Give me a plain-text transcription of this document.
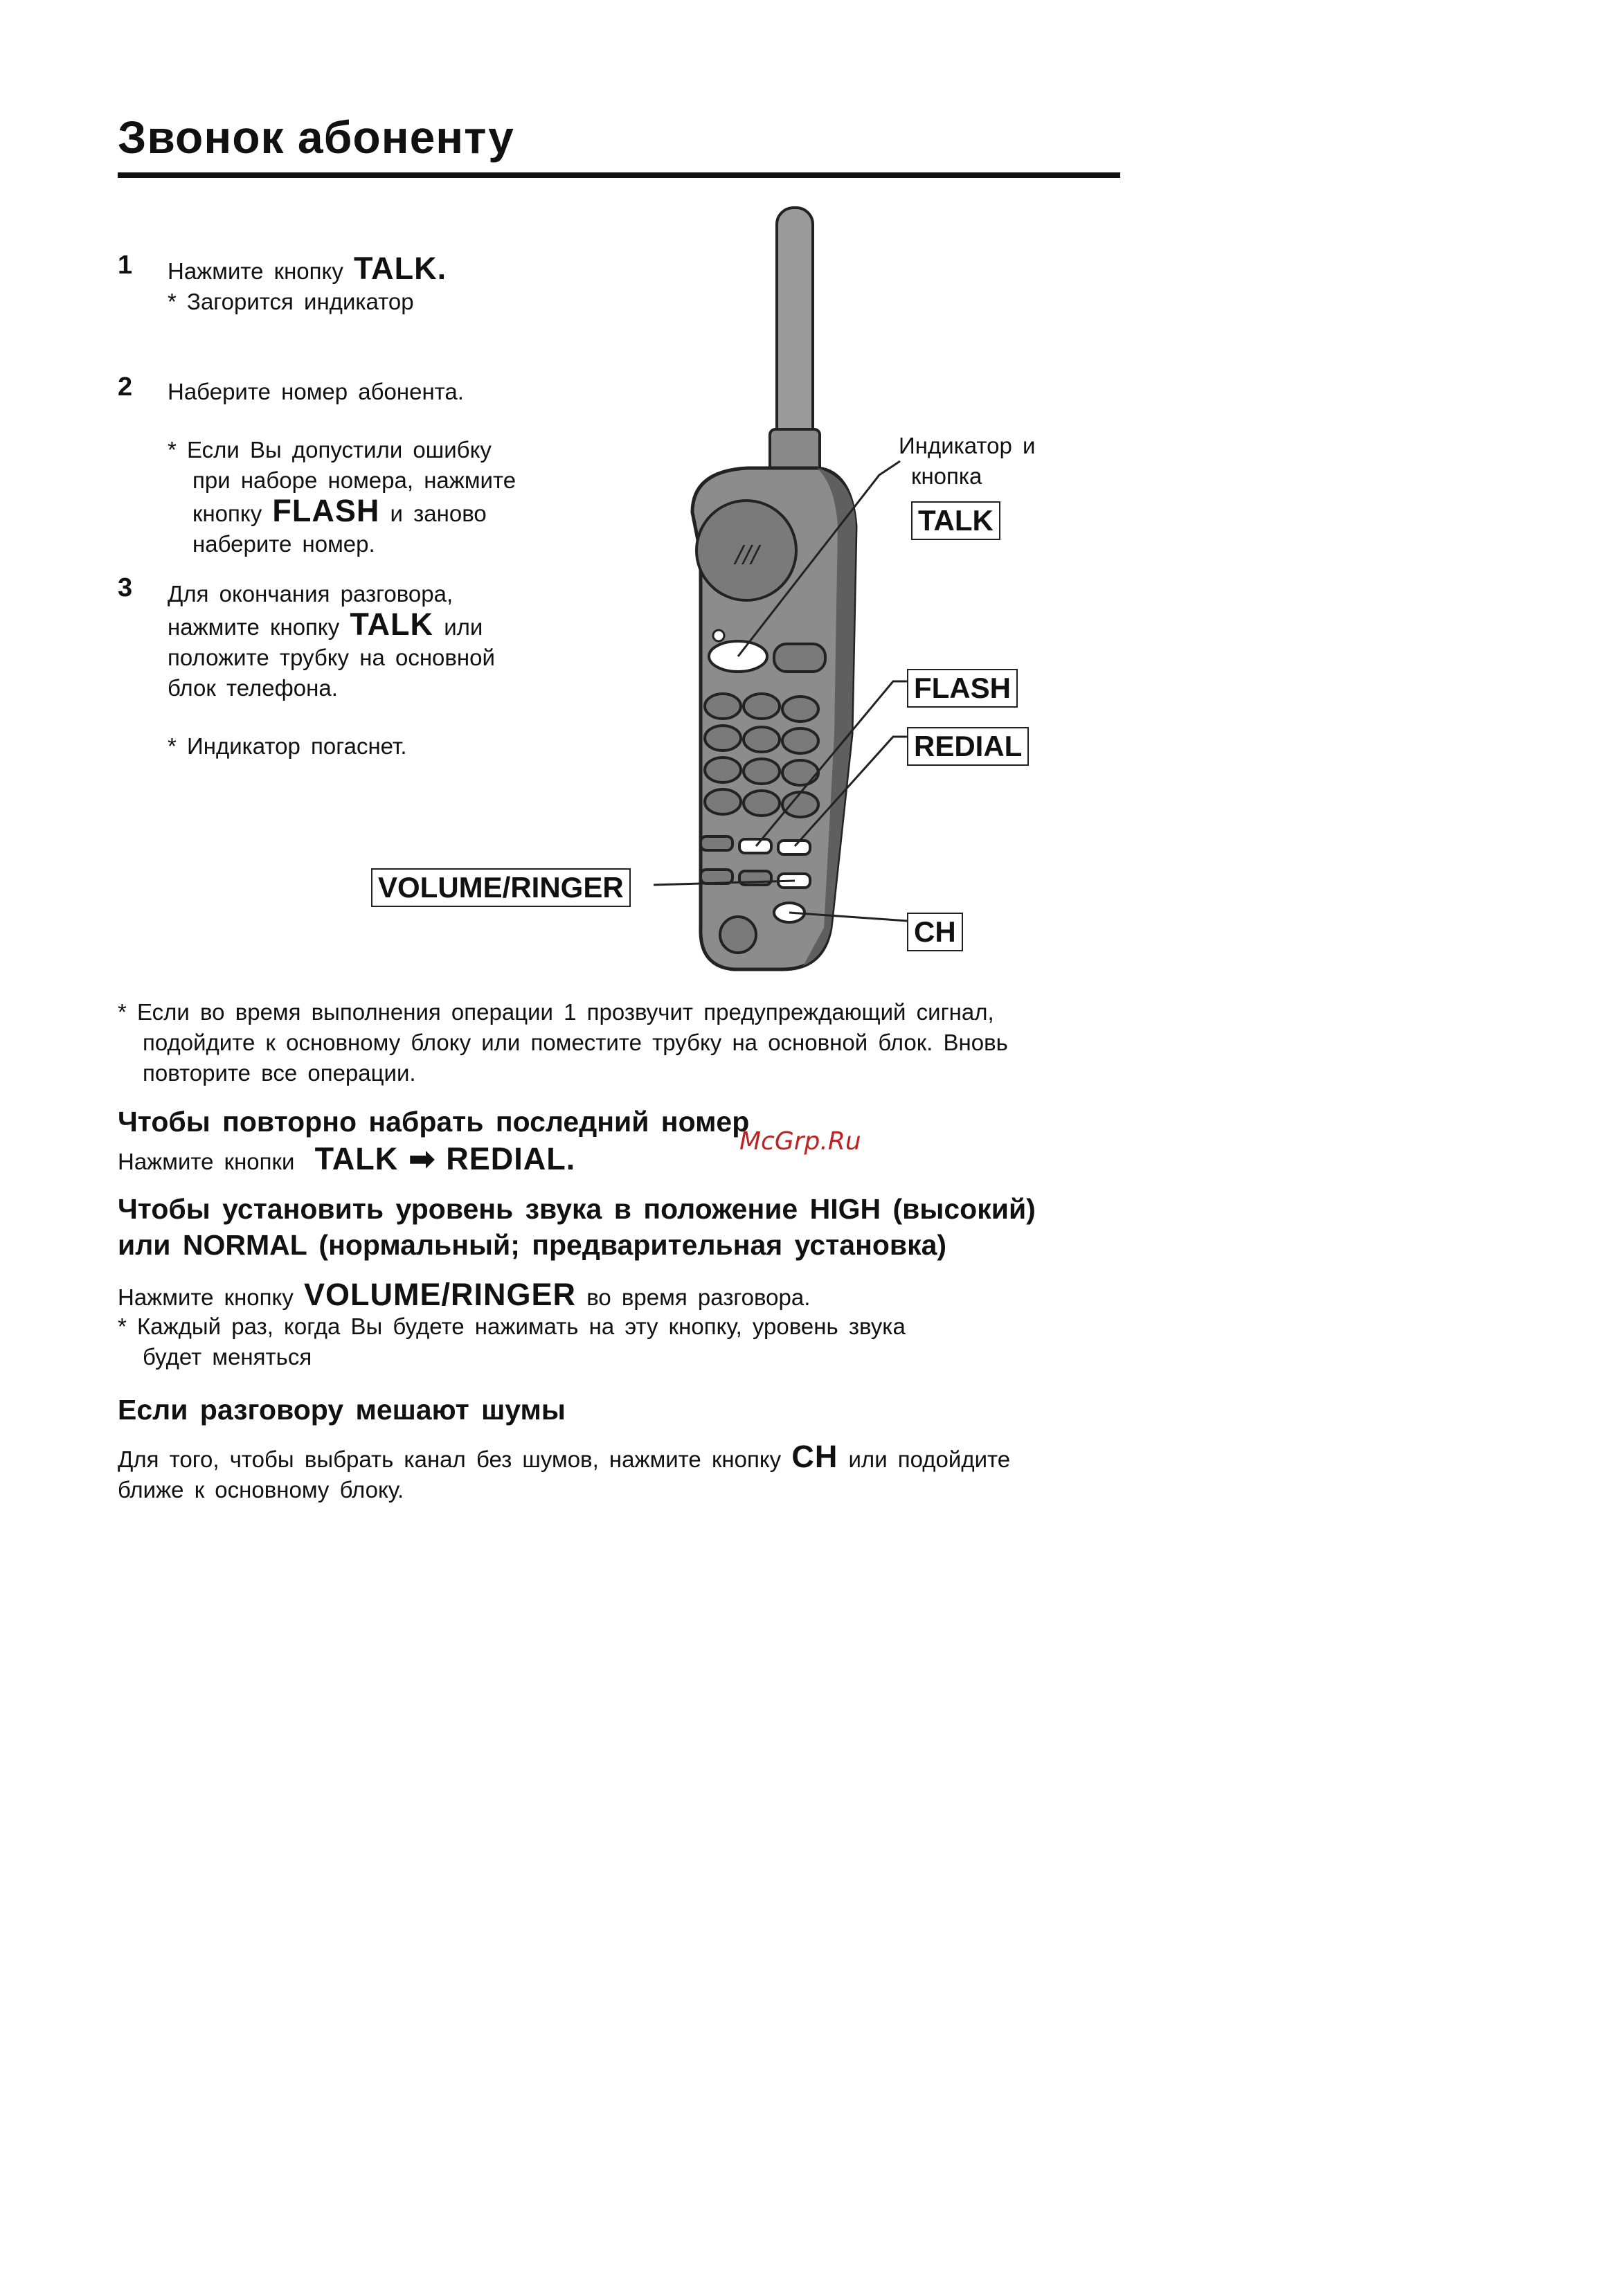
Звонок абоненту
1 Нажмите кнопку TALK.
* Загорится индикатор
2 Наберите номер абонента.
* Если Вы допустили ошибку
при наборе номера, нажмите
кнопку FLASH и заново
наберите номер.
3 Для окончания разговора,
нажмите кнопку TALK или
положите трубку на основной
блок телефона.
* Индикатор погаснет.
///
Индикатор и
кнопка
TALK
FLASH
REDIAL
VOLUME/RINGER
CH
* Если во время выполнения операции 1 прозвучит предупреждающий сигнал,
подойдите к основному блоку или поместите трубку на основной блок. Вновь
повторите все операции.
Чтобы повторно набрать последний номер
Нажмите кнопки TALK ➡ REDIAL.	McGrp.Ru
Чтобы установить уровень звука в положение HIGH (высокий)
или NORMAL (нормальный; предварительная установка)
Нажмите кнопку VOLUME/RINGER во время разговора.
* Каждый раз, когда Вы будете нажимать на эту кнопку, уровень звука
будет меняться
Если разговору мешают шумы
Для того, чтобы выбрать канал без шумов, нажмите кнопку CH или подойдите
ближе к основному блоку.
